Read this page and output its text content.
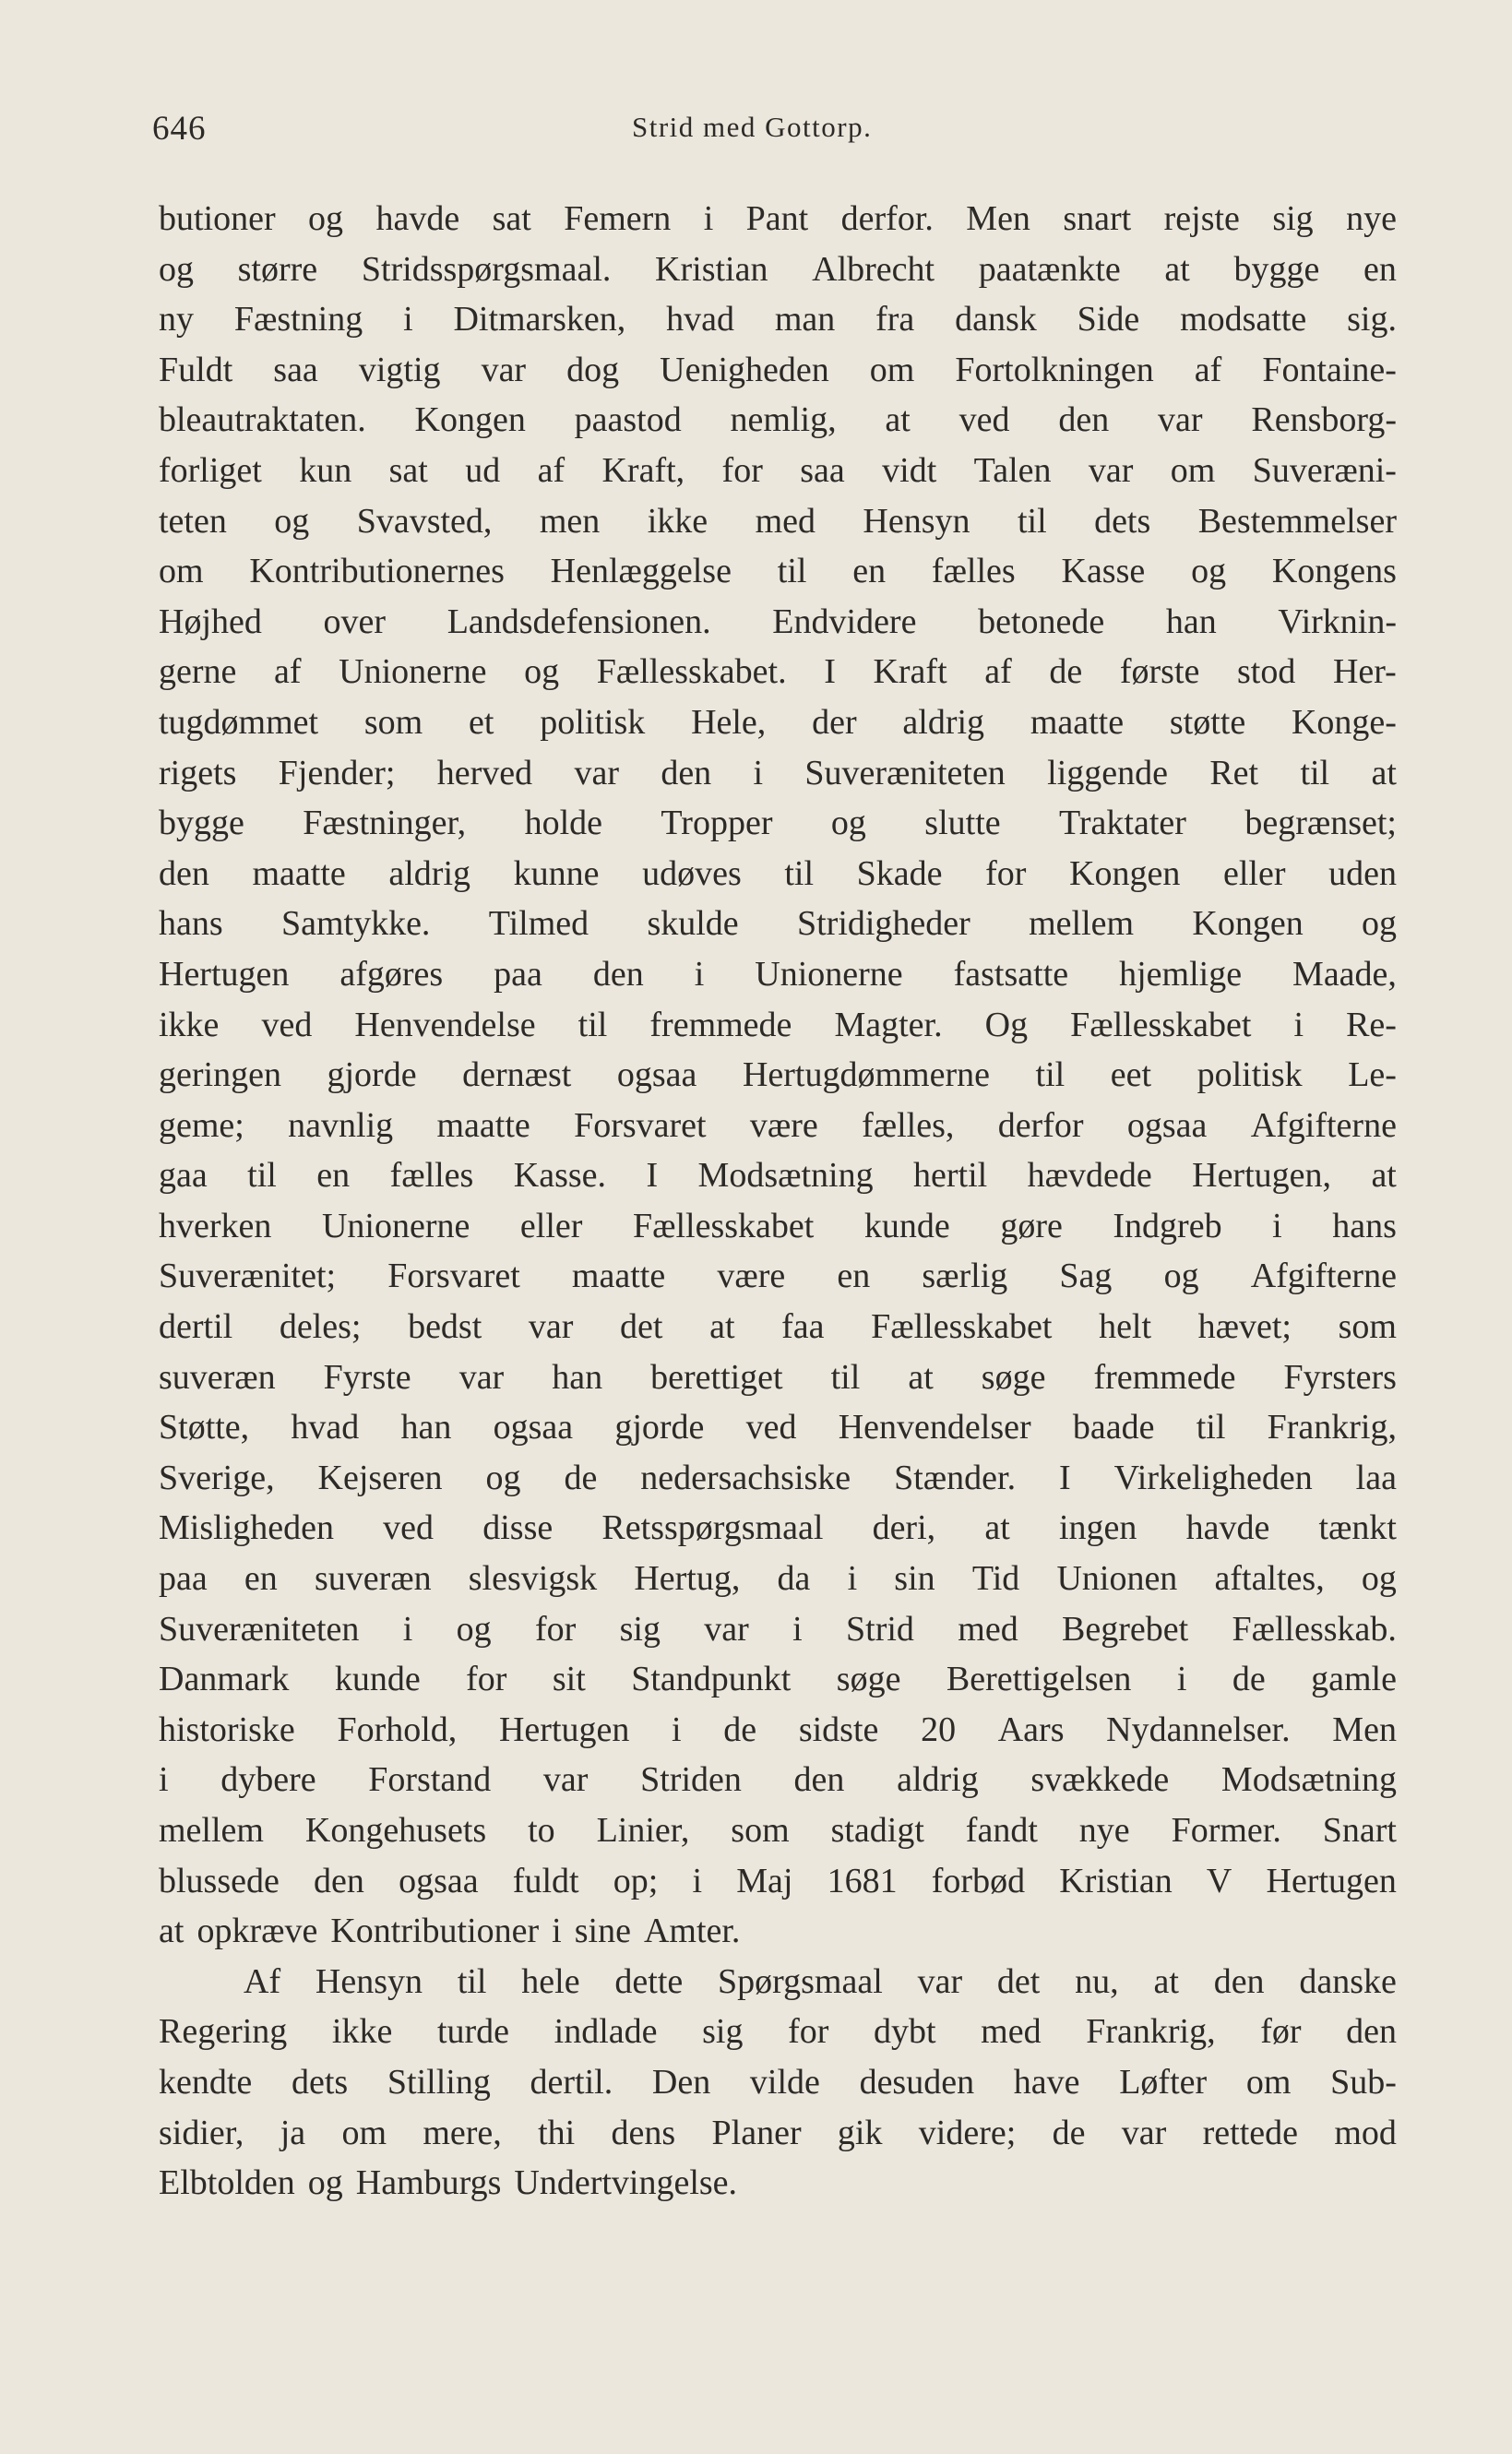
646	Strid med Gottorp.
butioner og havde sat Femern i Pant derfor. Men snart rejste sig nye
og større Stridsspørgsmaal. Kristian Albrecht paatænkte at bygge en
ny Fæstning i Ditmarsken, hvad man fra dansk Side modsatte sig.
Fuldt saa vigtig var dog Uenigheden om Fortolkningen af Fontaine-
bleautraktaten. Kongen paastod nemlig, at ved den var Rensborg-
forliget kun sat ud af Kraft, for saa vidt Talen var om Suveræni-
teten og Svavsted, men ikke med Hensyn til dets Bestemmelser
om Kontributionernes Henlæggelse til en fælles Kasse og Kongens
Højhed over Landsdefensionen. Endvidere betonede han Virknin-
gerne af Unionerne og Fællesskabet. I Kraft af de første stod Her-
tugdømmet som et politisk Hele, der aldrig maatte støtte Konge-
rigets Fjender; herved var den i Suveræniteten liggende Ret til at
bygge Fæstninger, holde Tropper og slutte Traktater begrænset;
den maatte aldrig kunne udøves til Skade for Kongen eller uden
hans Samtykke. Tilmed skulde Stridigheder mellem Kongen og
Hertugen afgøres paa den i Unionerne fastsatte hjemlige Maade,
ikke ved Henvendelse til fremmede Magter. Og Fællesskabet i Re-
geringen gjorde dernæst ogsaa Hertugdømmerne til eet politisk Le-
geme; navnlig maatte Forsvaret være fælles, derfor ogsaa Afgifterne
gaa til en fælles Kasse. I Modsætning hertil hævdede Hertugen, at
hverken Unionerne eller Fællesskabet kunde gøre Indgreb i hans
Suverænitet; Forsvaret maatte være en særlig Sag og Afgifterne
dertil deles; bedst var det at faa Fællesskabet helt hævet; som
suveræn Fyrste var han berettiget til at søge fremmede Fyrsters
Støtte, hvad han ogsaa gjorde ved Henvendelser baade til Frankrig,
Sverige, Kejseren og de nedersachsiske Stænder. I Virkeligheden laa
Misligheden ved disse Retsspørgsmaal deri, at ingen havde tænkt
paa en suveræn slesvigsk Hertug, da i sin Tid Unionen aftaltes, og
Suveræniteten i og for sig var i Strid med Begrebet Fællesskab.
Danmark kunde for sit Standpunkt søge Berettigelsen i de gamle
historiske Forhold, Hertugen i de sidste 20 Aars Nydannelser. Men
i dybere Forstand var Striden den aldrig svækkede Modsætning
mellem Kongehusets to Linier, som stadigt fandt nye Former. Snart
blussede den ogsaa fuldt op; i Maj 1681 forbød Kristian V Hertugen
at opkræve Kontributioner i sine Amter.
Af Hensyn til hele dette Spørgsmaal var det nu, at den danske
Regering ikke turde indlade sig for dybt med Frankrig, før den
kendte dets Stilling dertil. Den vilde desuden have Løfter om Sub-
sidier, ja om mere, thi dens Planer gik videre; de var rettede mod
Elbtolden og Hamburgs Undertvingelse.
